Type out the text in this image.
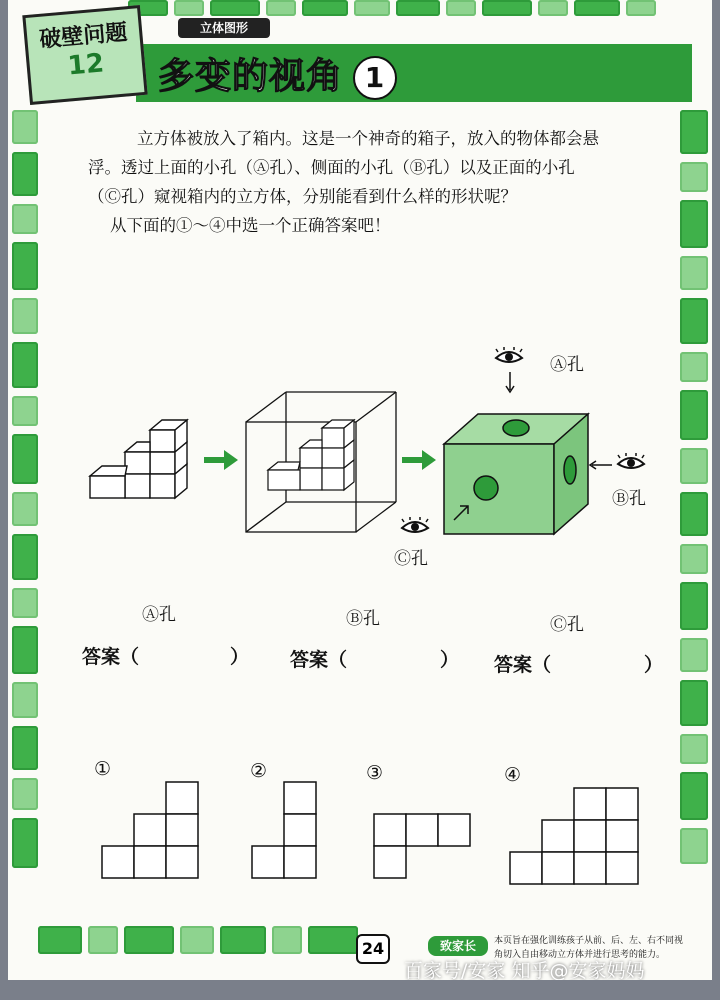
立体图形
破壁问题
12	多变的视角 1
立方体被放入了箱内。这是一个神奇的箱子，放入的物体都会悬
浮。透过上面的小孔（Ⓐ孔）、侧面的小孔（Ⓑ孔）以及正面的小孔
（Ⓒ孔）窥视箱内的立方体，分别能看到什么样的形状呢？
从下面的①～④中选一个正确答案吧！
Ⓐ孔
Ⓑ孔
Ⓒ孔
Ⓐ孔	Ⓑ孔	Ⓒ孔
答案（	） 答案（	） 答案（	）
①	②	③	④
24	致家长	本页旨在强化训练孩子从前、后、左、右不同视角切入自由移动立方体并进行思考的能力。
百家号/安家 知乎@安家妈妈
